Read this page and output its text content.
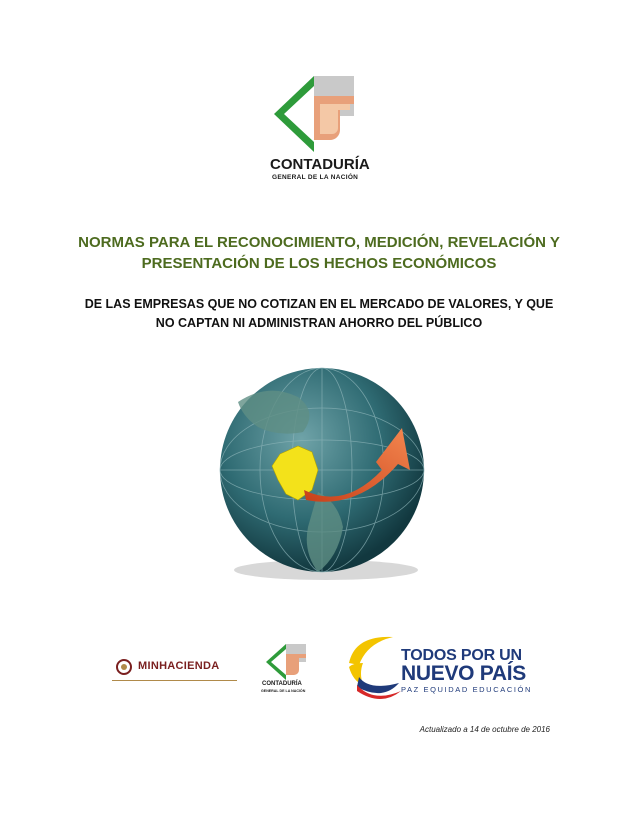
CONTADURÍA
GENERAL DE LA NACIÓN
NORMAS PARA EL RECONOCIMIENTO, MEDICIÓN, REVELACIÓN Y
PRESENTACIÓN DE LOS HECHOS ECONÓMICOS
DE LAS EMPRESAS QUE NO COTIZAN EN EL MERCADO DE VALORES, Y QUE
NO CAPTAN NI ADMINISTRAN AHORRO DEL PÚBLICO
MINHACIENDA
CONTADURÍA
GENERAL DE LA NACIÓN
TODOS POR UN
NUEVO PAÍS
PAZ EQUIDAD EDUCACIÓN
Actualizado a 14 de octubre de 2016
